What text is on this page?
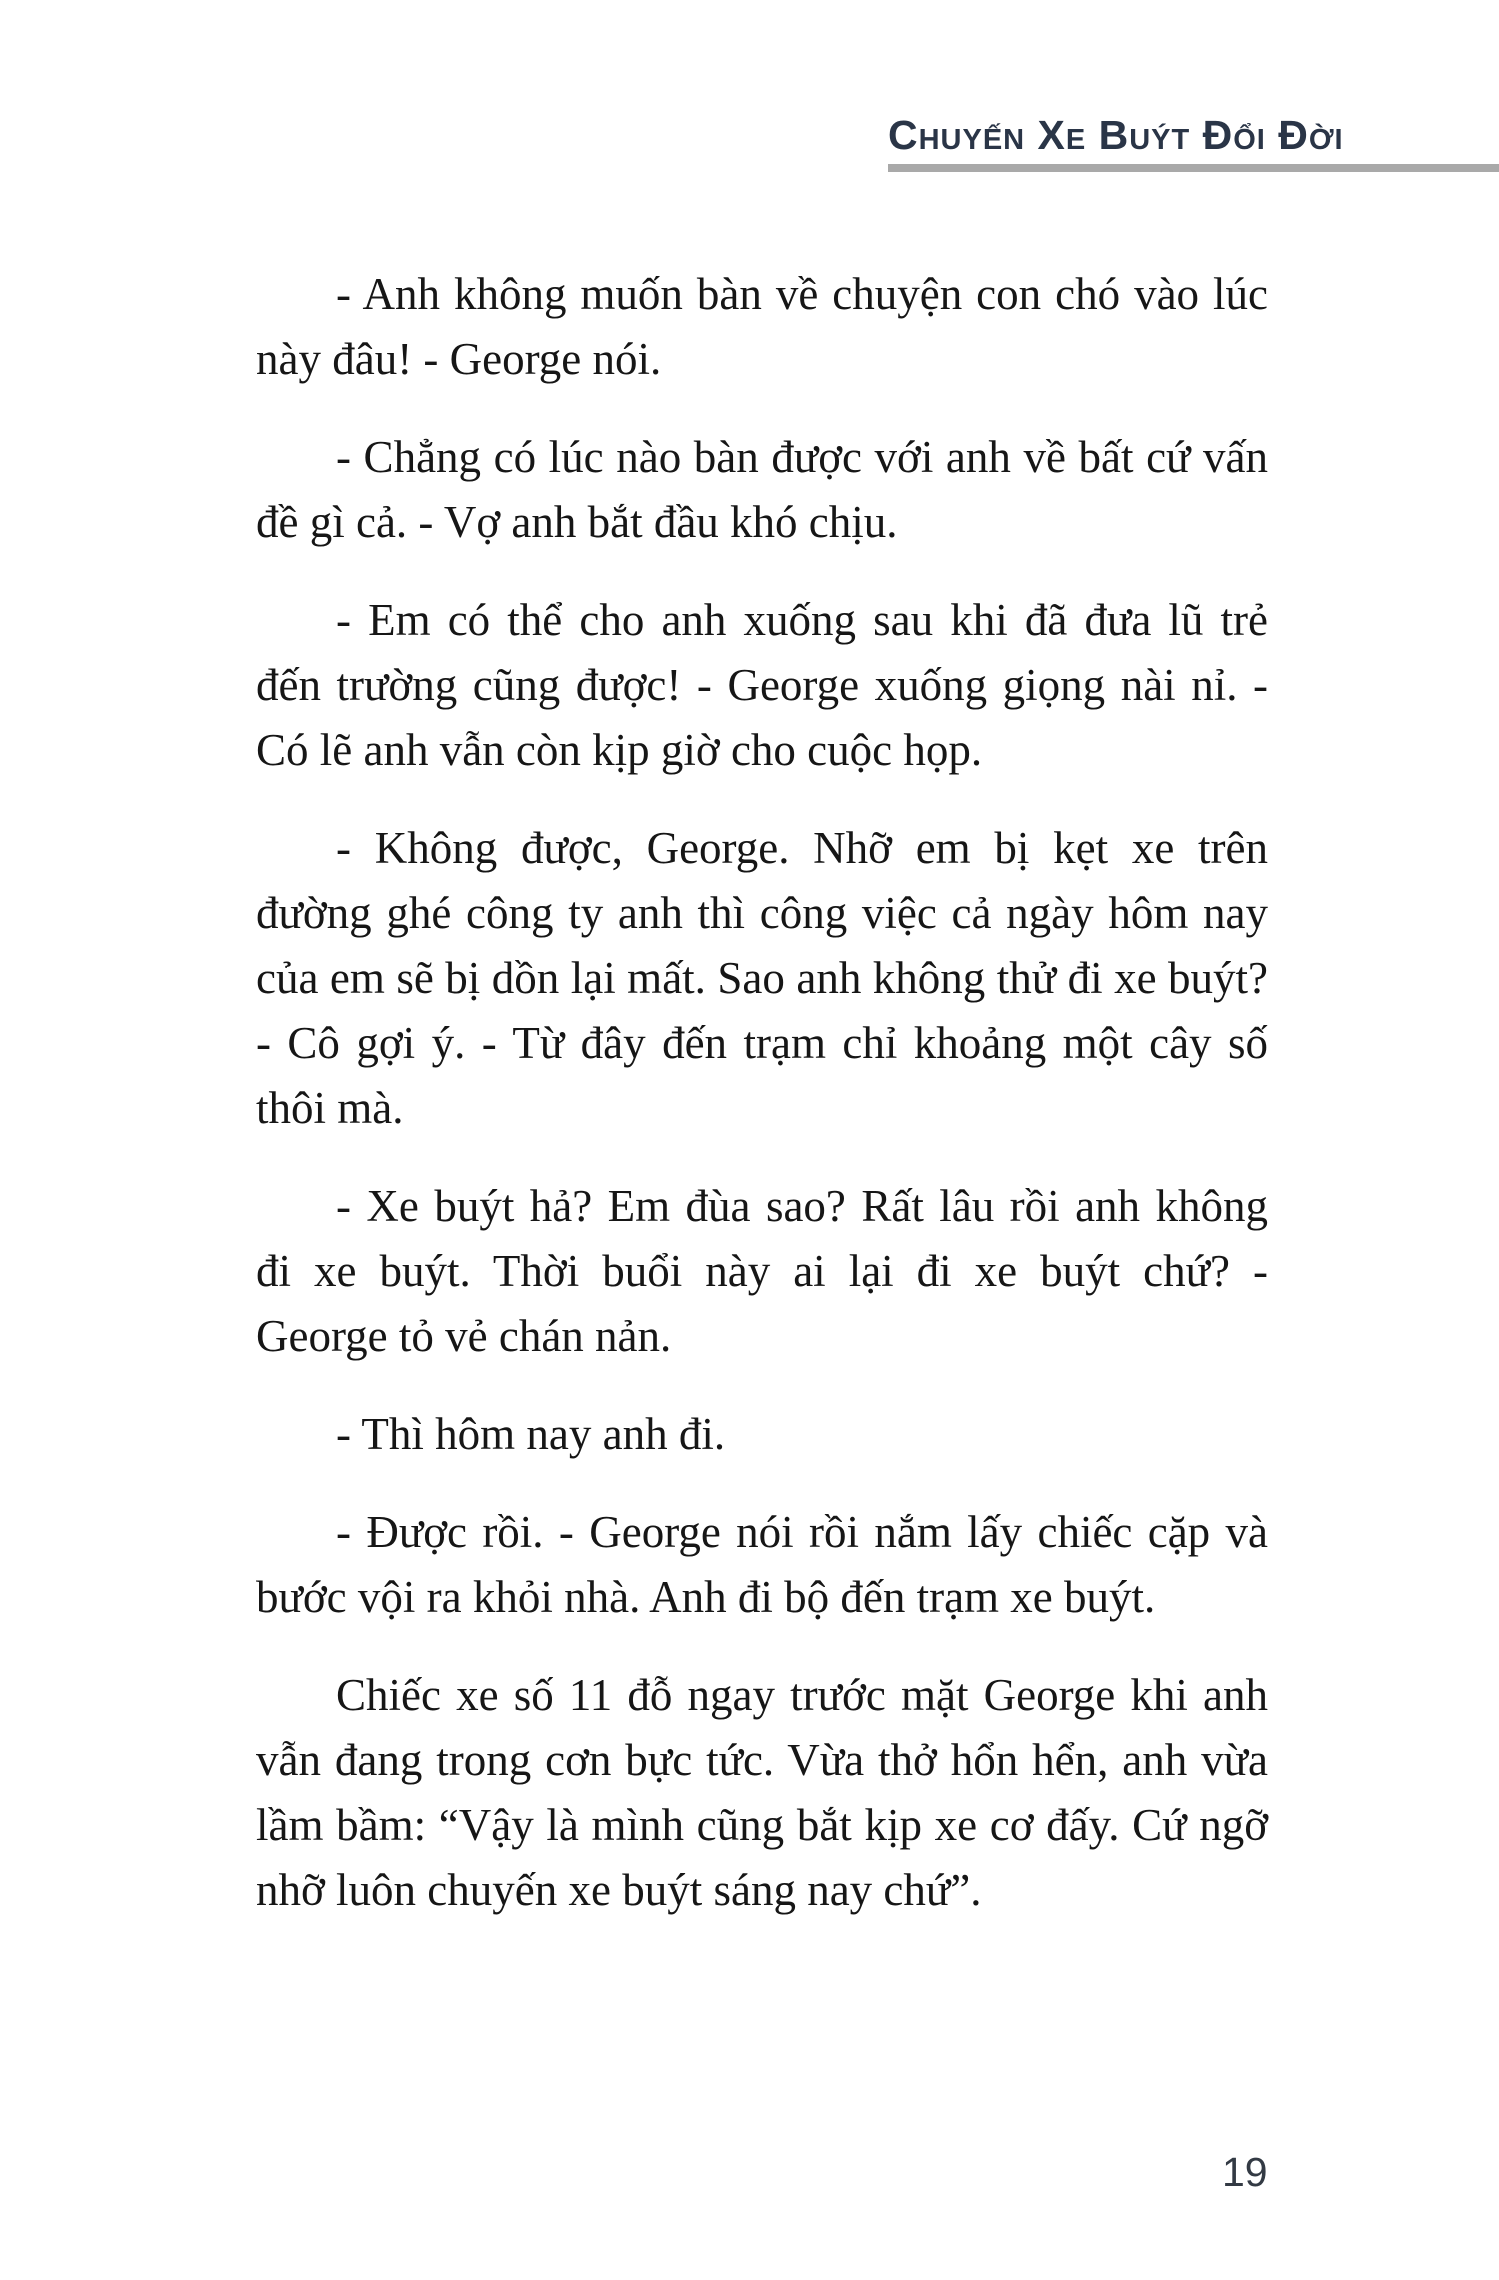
Chuyến Xe Buýt Đổi Đời

- Anh không muốn bàn về chuyện con chó vào lúc này đâu! - George nói.

- Chẳng có lúc nào bàn được với anh về bất cứ vấn đề gì cả. - Vợ anh bắt đầu khó chịu.

- Em có thể cho anh xuống sau khi đã đưa lũ trẻ đến trường cũng được! - George xuống giọng nài nỉ. - Có lẽ anh vẫn còn kịp giờ cho cuộc họp.

- Không được, George. Nhỡ em bị kẹt xe trên đường ghé công ty anh thì công việc cả ngày hôm nay của em sẽ bị dồn lại mất. Sao anh không thử đi xe buýt? - Cô gợi ý. - Từ đây đến trạm chỉ khoảng một cây số thôi mà.

- Xe buýt hả? Em đùa sao? Rất lâu rồi anh không đi xe buýt. Thời buổi này ai lại đi xe buýt chứ? - George tỏ vẻ chán nản.

- Thì hôm nay anh đi.

- Được rồi. - George nói rồi nắm lấy chiếc cặp và bước vội ra khỏi nhà. Anh đi bộ đến trạm xe buýt.

Chiếc xe số 11 đỗ ngay trước mặt George khi anh vẫn đang trong cơn bực tức. Vừa thở hổn hển, anh vừa lầm bầm: “Vậy là mình cũng bắt kịp xe cơ đấy. Cứ ngỡ nhỡ luôn chuyến xe buýt sáng nay chứ”.

19
